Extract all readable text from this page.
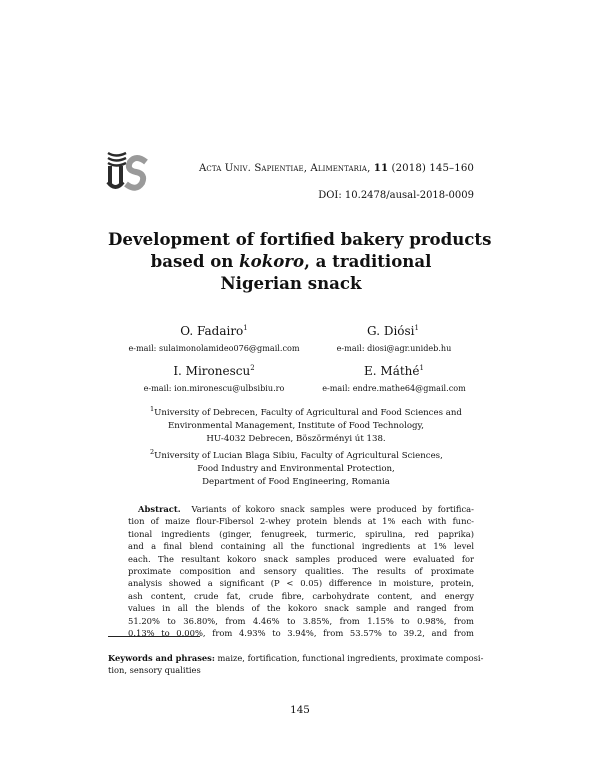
Acta Univ. Sapientiae, Alimentaria, 11 (2018) 145–160
DOI: 10.2478/ausal-2018-0009
Development of fortified bakery products
based on kokoro, a traditional
Nigerian snack
O. Fadairo$^1$
e-mail: sulaimonolamideo076@gmail.com
G. Diósi$^1$
e-mail: diosi@agr.unideb.hu
I. Mironescu$^2$
e-mail: ion.mironescu@ulbsibiu.ro
E. Máthé$^1$
e-mail: endre.mathe64@gmail.com
$^1$University of Debrecen, Faculty of Agricultural and Food Sciences and
Environmental Management, Institute of Food Technology,
HU-4032 Debrecen, Böszörményi út 138.
$^2$University of Lucian Blaga Sibiu, Faculty of Agricultural Sciences,
Food Industry and Environmental Protection,
Department of Food Engineering, Romania
Abstract. Variants of kokoro snack samples were produced by fortifica-
tion of maize flour-Fibersol 2-whey protein blends at 1% each with func-
tional ingredients (ginger, fenugreek, turmeric, spirulina, red paprika)
and a final blend containing all the functional ingredients at 1% level
each. The resultant kokoro snack samples produced were evaluated for
proximate composition and sensory qualities. The results of proximate
analysis showed a significant (P < 0.05) difference in moisture, protein,
ash content, crude fat, crude fibre, carbohydrate content, and energy
values in all the blends of the kokoro snack sample and ranged from
51.20% to 36.80%, from 4.46% to 3.85%, from 1.15% to 0.98%, from
0.13% to 0.00%, from 4.93% to 3.94%, from 53.57% to 39.2, and from
Keywords and phrases: maize, fortification, functional ingredients, proximate composi-
tion, sensory qualities
145
